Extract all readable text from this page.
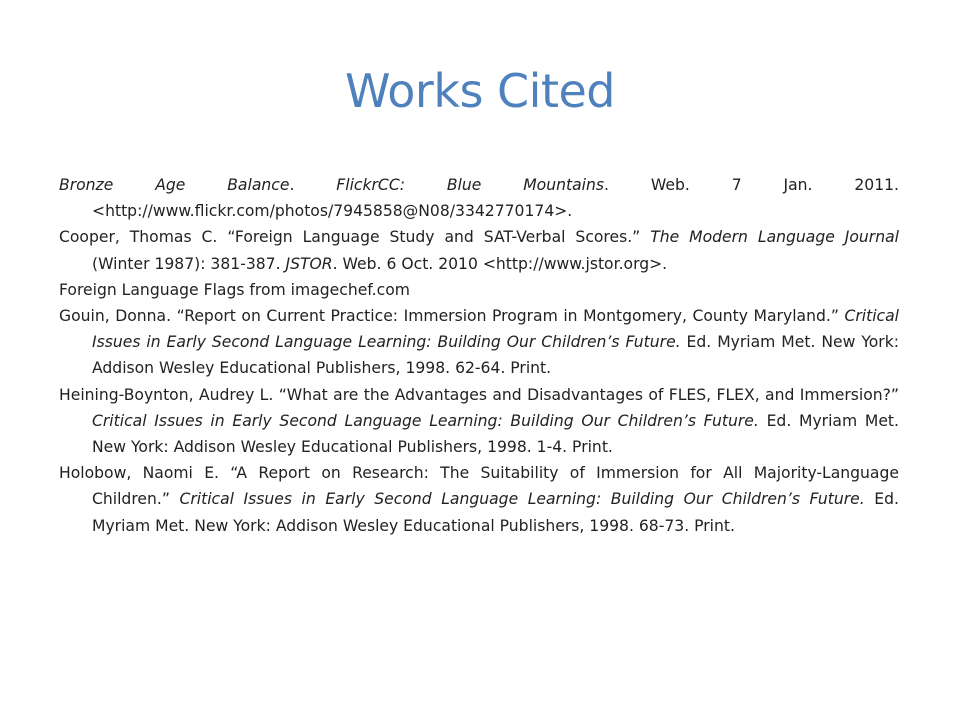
Works Cited

Bronze Age Balance. FlickrCC: Blue Mountains. Web. 7 Jan. 2011. <http://www.flickr.com/photos/7945858@N08/3342770174>.

Cooper, Thomas C. “Foreign Language Study and SAT-Verbal Scores.” The Modern Language Journal (Winter 1987): 381-387. JSTOR. Web. 6 Oct. 2010 <http://www.jstor.org>.

Foreign Language Flags from imagechef.com

Gouin, Donna. “Report on Current Practice: Immersion Program in Montgomery, County Maryland.” Critical Issues in Early Second Language Learning: Building Our Children’s Future. Ed. Myriam Met. New York: Addison Wesley Educational Publishers, 1998. 62-64. Print.

Heining-Boynton, Audrey L. “What are the Advantages and Disadvantages of FLES, FLEX, and Immersion?” Critical Issues in Early Second Language Learning: Building Our Children’s Future. Ed. Myriam Met. New York: Addison Wesley Educational Publishers, 1998. 1-4. Print.

Holobow, Naomi E. “A Report on Research: The Suitability of Immersion for All Majority-Language Children.” Critical Issues in Early Second Language Learning: Building Our Children’s Future. Ed. Myriam Met. New York: Addison Wesley Educational Publishers, 1998. 68-73. Print.
